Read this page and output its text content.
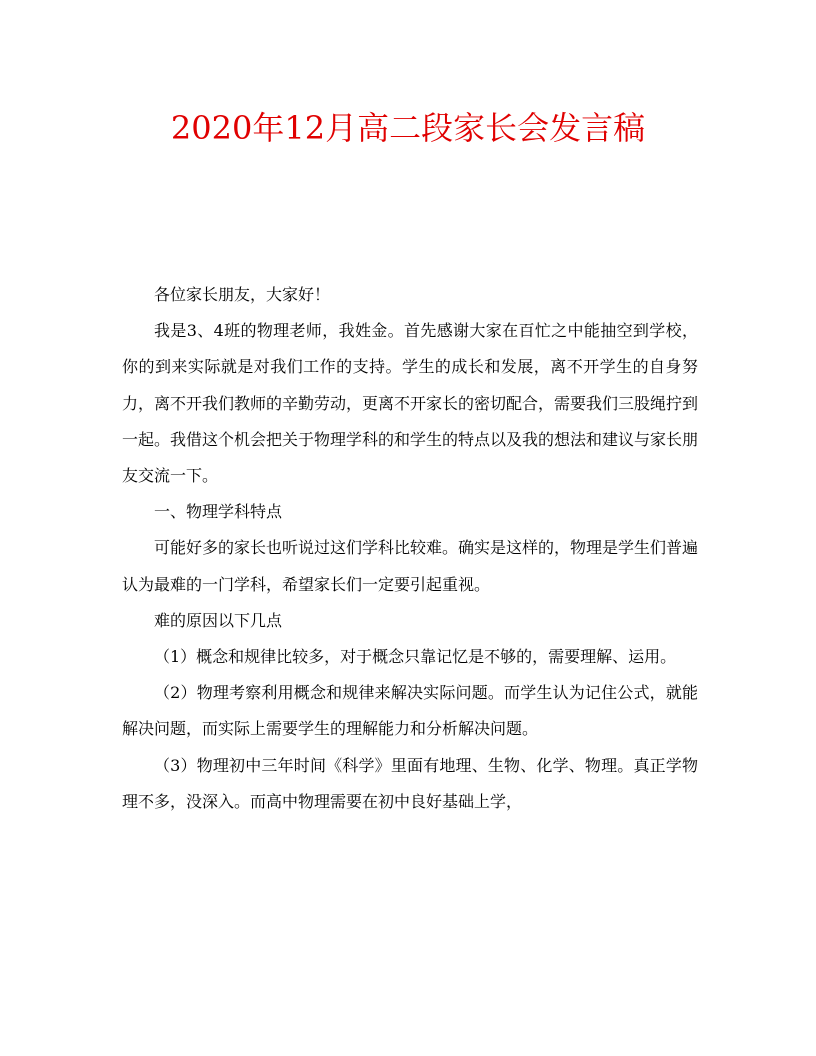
2020年12月高二段家长会发言稿

各位家长朋友，大家好！

我是3、4班的物理老师，我姓金。首先感谢大家在百忙之中能抽空到学校，你的到来实际就是对我们工作的支持。学生的成长和发展，离不开学生的自身努力，离不开我们教师的辛勤劳动，更离不开家长的密切配合，需要我们三股绳拧到一起。我借这个机会把关于物理学科的和学生的特点以及我的想法和建议与家长朋友交流一下。

一、物理学科特点

可能好多的家长也听说过这们学科比较难。确实是这样的，物理是学生们普遍认为最难的一门学科，希望家长们一定要引起重视。

难的原因以下几点

（1）概念和规律比较多，对于概念只靠记忆是不够的，需要理解、运用。

（2）物理考察利用概念和规律来解决实际问题。而学生认为记住公式，就能解决问题，而实际上需要学生的理解能力和分析解决问题。

（3）物理初中三年时间《科学》里面有地理、生物、化学、物理。真正学物理不多，没深入。而高中物理需要在初中良好基础上学，
